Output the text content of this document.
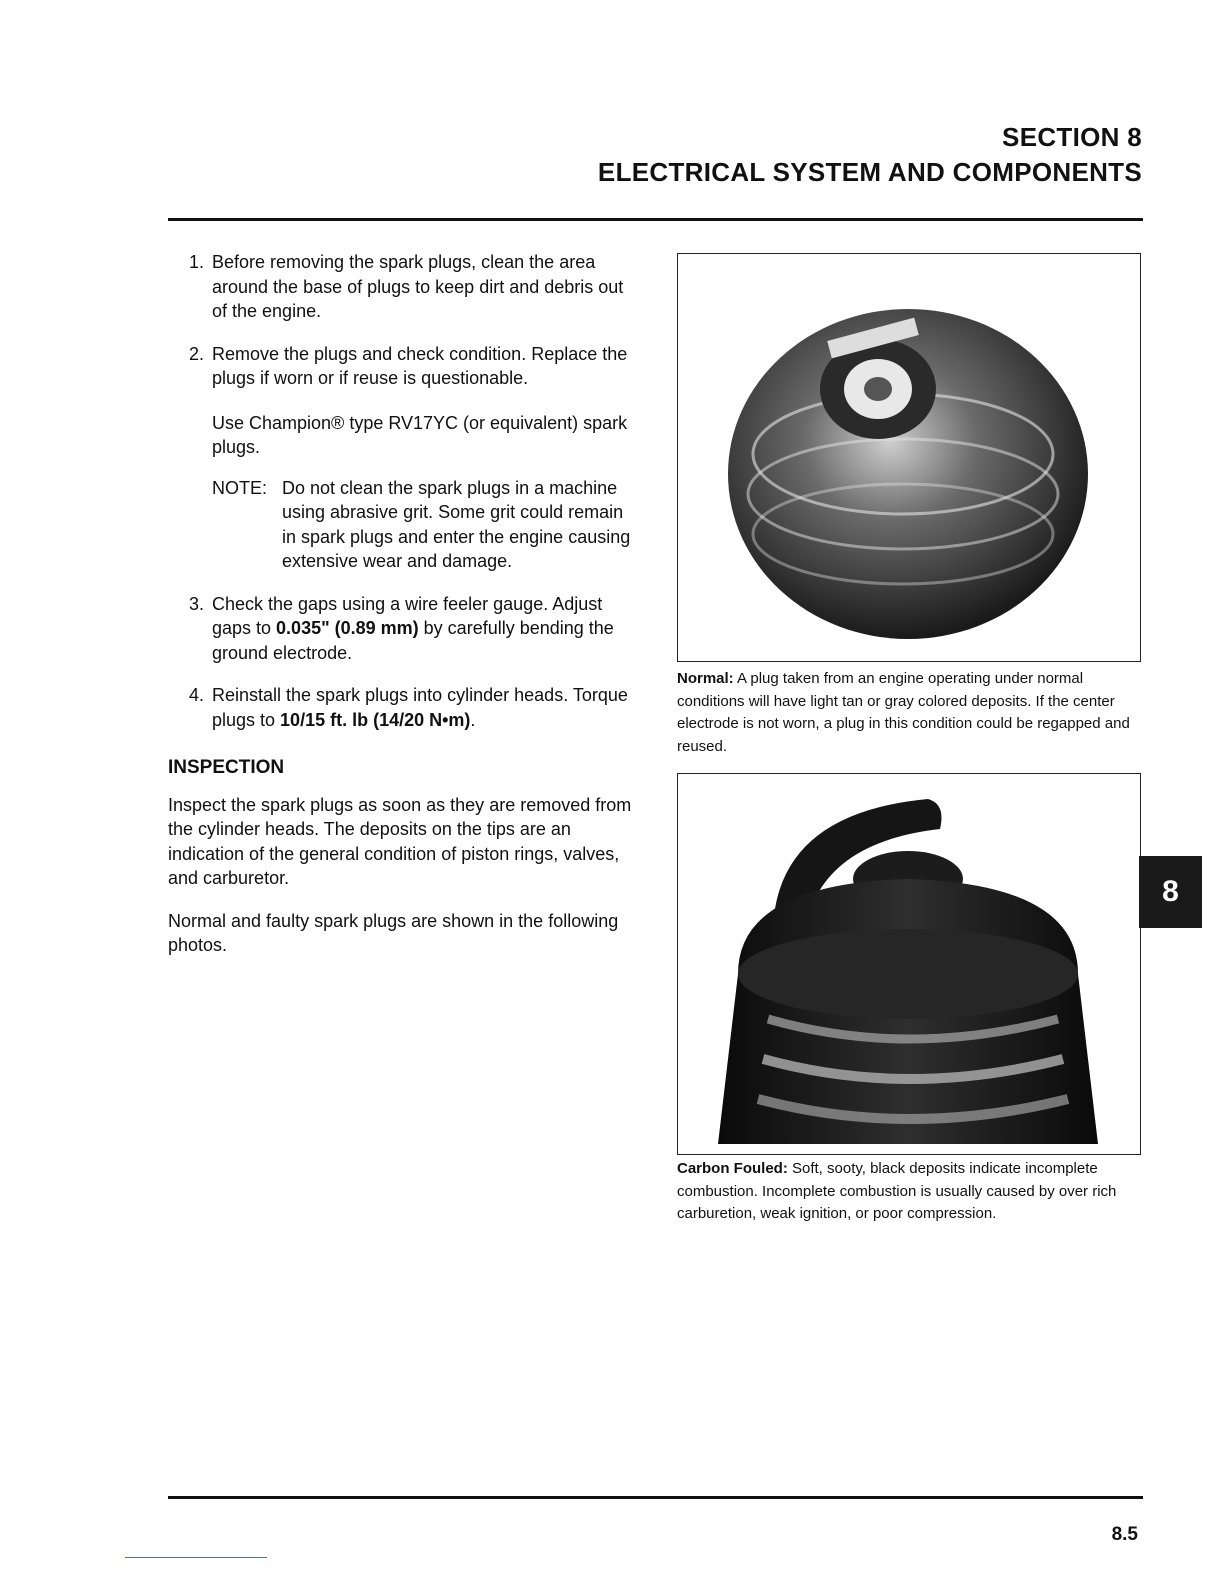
SECTION 8
ELECTRICAL SYSTEM AND COMPONENTS
1. Before removing the spark plugs, clean the area around the base of plugs to keep dirt and debris out of the engine.

2. Remove the plugs and check condition. Replace the plugs if worn or if reuse is questionable.

Use Champion® type RV17YC (or equivalent) spark plugs.

NOTE: Do not clean the spark plugs in a machine using abrasive grit. Some grit could remain in spark plugs and enter the engine causing extensive wear and damage.
3. Check the gaps using a wire feeler gauge. Adjust gaps to 0.035" (0.89 mm) by carefully bending the ground electrode.

4. Reinstall the spark plugs into cylinder heads. Torque plugs to 10/15 ft. lb (14/20 N•m).

INSPECTION

Inspect the spark plugs as soon as they are removed from the cylinder heads. The deposits on the tips are an indication of the general condition of piston rings, valves, and carburetor.

Normal and faulty spark plugs are shown in the following photos.

Normal: A plug taken from an engine operating under normal conditions will have light tan or gray colored deposits. If the center electrode is not worn, a plug in this condition could be regapped and reused.
Carbon Fouled: Soft, sooty, black deposits indicate incomplete combustion. Incomplete combustion is usually caused by over rich carburetion, weak ignition, or poor compression.
8
8.5
